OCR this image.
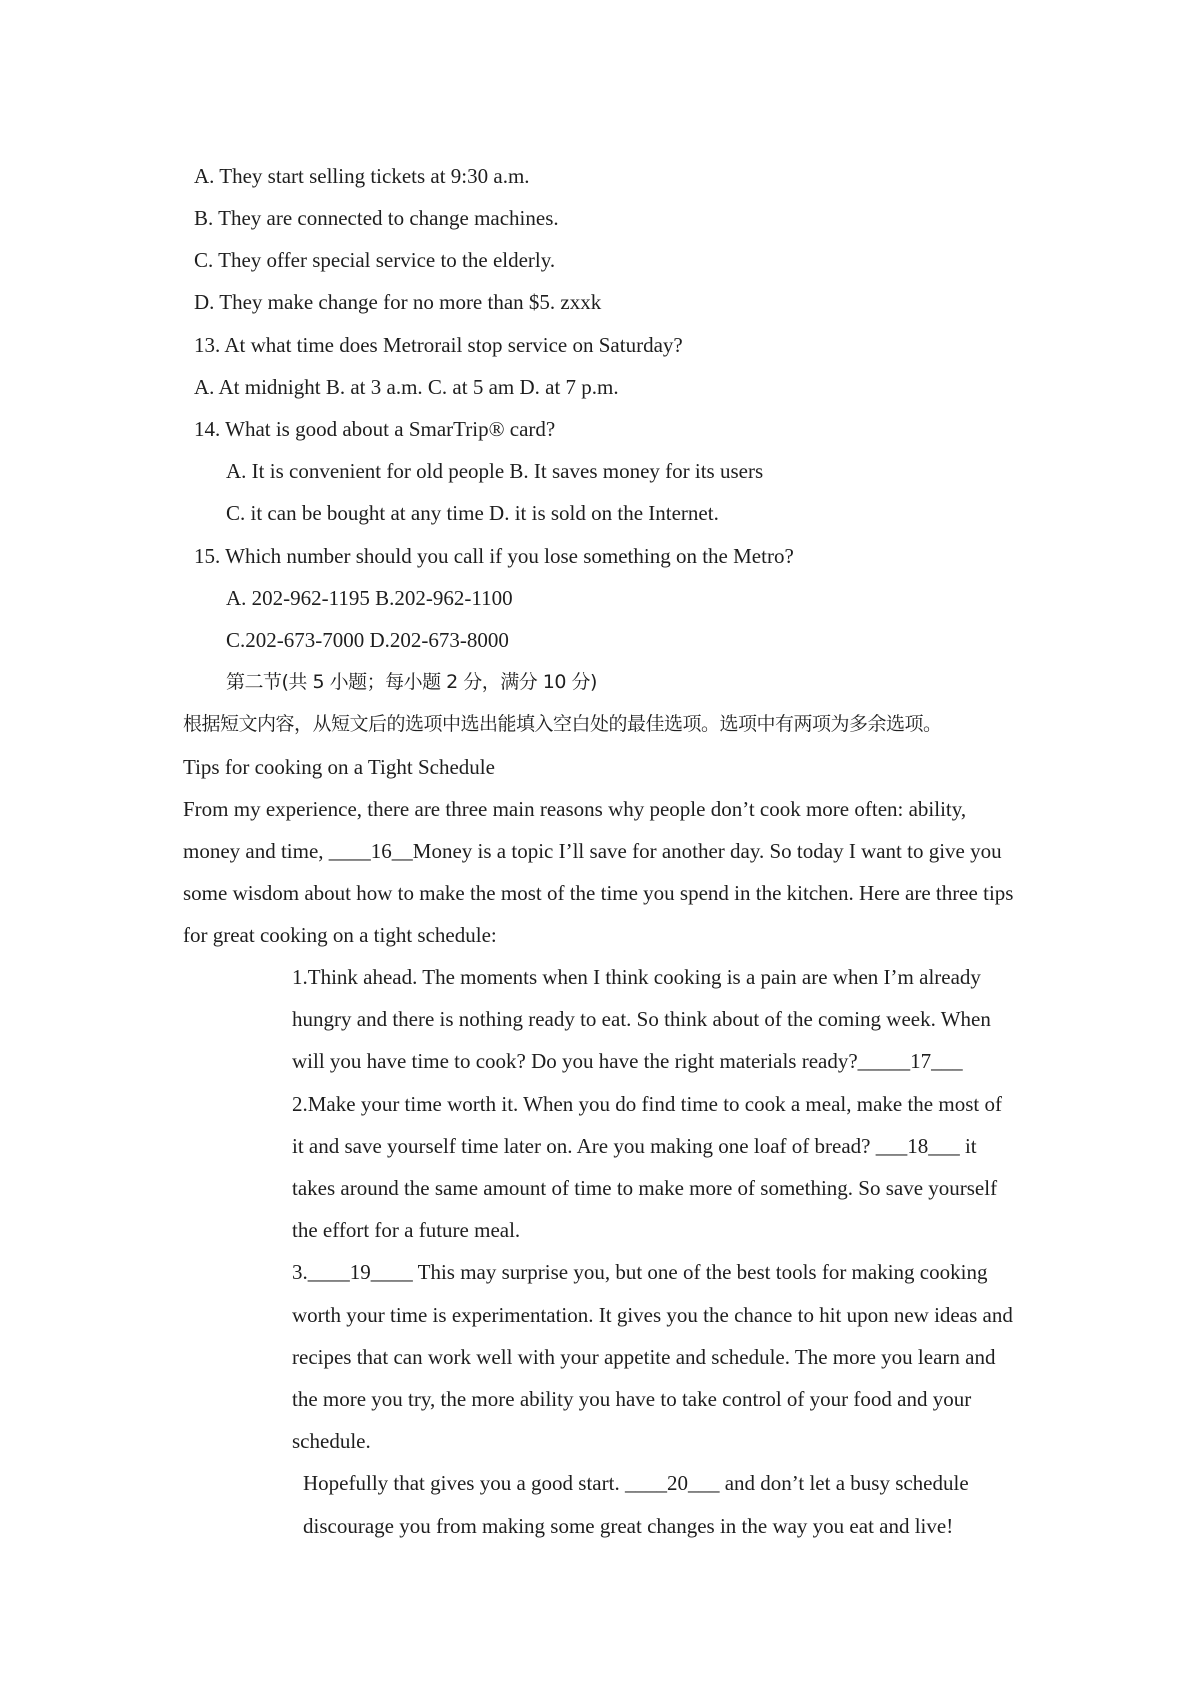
A. They start selling tickets at 9:30 a.m.
B. They are connected to change machines.
C. They offer special service to the elderly.
D. They make change for no more than $5. zxxk
13. At what time does Metrorail stop service on Saturday?
A. At midnight B. at 3 a.m. C. at 5 am D. at 7 p.m.
14. What is good about a SmarTrip® card?
A. It is convenient for old people B. It saves money for its users
C. it can be bought at any time D. it is sold on the Internet.
15. Which number should you call if you lose something on the Metro?
A. 202-962-1195 B.202-962-1100
C.202-673-7000 D.202-673-8000
第二节(共 5 小题；每小题 2 分，满分 10 分)
根据短文内容，从短文后的选项中选出能填入空白处的最佳选项。选项中有两项为多余选项。
Tips for cooking on a Tight Schedule
From my experience, there are three main reasons why people don’t cook more often: ability,
money and time, ____16__Money is a topic I’ll save for another day. So today I want to give you
some wisdom about how to make the most of the time you spend in the kitchen. Here are three tips
for great cooking on a tight schedule:
1.Think ahead. The moments when I think cooking is a pain are when I’m already
hungry and there is nothing ready to eat. So think about of the coming week. When
will you have time to cook? Do you have the right materials ready?_____17___
2.Make your time worth it. When you do find time to cook a meal, make the most of
it and save yourself time later on. Are you making one loaf of bread? ___18___ it
takes around the same amount of time to make more of something. So save yourself
the effort for a future meal.
3.____19____ This may surprise you, but one of the best tools for making cooking
worth your time is experimentation. It gives you the chance to hit upon new ideas and
recipes that can work well with your appetite and schedule. The more you learn and
the more you try, the more ability you have to take control of your food and your
schedule.
Hopefully that gives you a good start. ____20___ and don’t let a busy schedule
discourage you from making some great changes in the way you eat and live!
